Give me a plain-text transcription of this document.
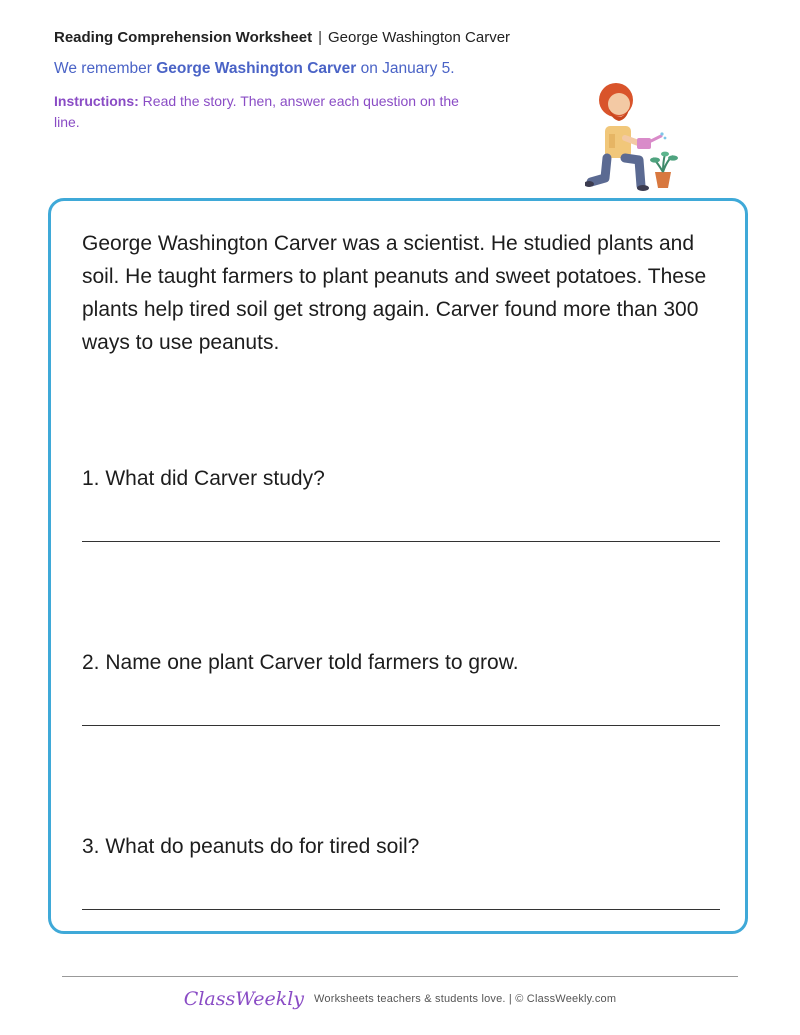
Reading Comprehension Worksheet | George Washington Carver
We remember George Washington Carver on January 5.
Instructions: Read the story. Then, answer each question on the line.
George Washington Carver was a scientist. He studied plants and soil. He taught farmers to plant peanuts and sweet potatoes. These plants help tired soil get strong again. Carver found more than 300 ways to use peanuts.
1. What did Carver study?
2. Name one plant Carver told farmers to grow.
3. What do peanuts do for tired soil?
ClassWeekly Worksheets teachers & students love. | © ClassWeekly.com
